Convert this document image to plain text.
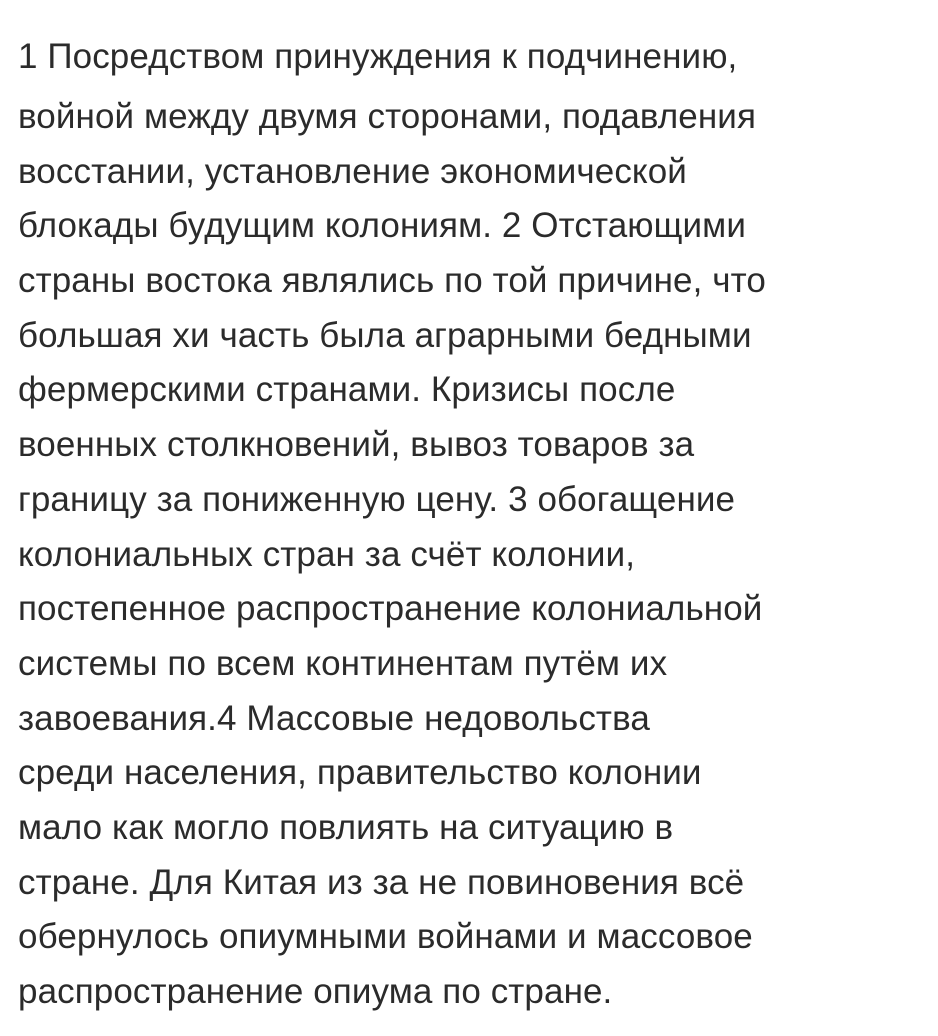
1 Посредством принуждения к подчинению,
войной между двумя сторонами, подавления
восстании, установление экономической
блокады будущим колониям. 2 Отстающими
страны востока являлись по той причине, что
большая хи часть была аграрными бедными
фермерскими странами. Кризисы после
военных столкновений, вывоз товаров за
границу за пониженную цену. 3 обогащение
колониальных стран за счёт колонии,
постепенное распространение колониальной
системы по всем континентам путём их
завоевания.4 Массовые недовольства
среди населения, правительство колонии
мало как могло повлиять на ситуацию в
стране. Для Китая из за не повиновения всё
обернулось опиумными войнами и массовое
распространение опиума по стране.
